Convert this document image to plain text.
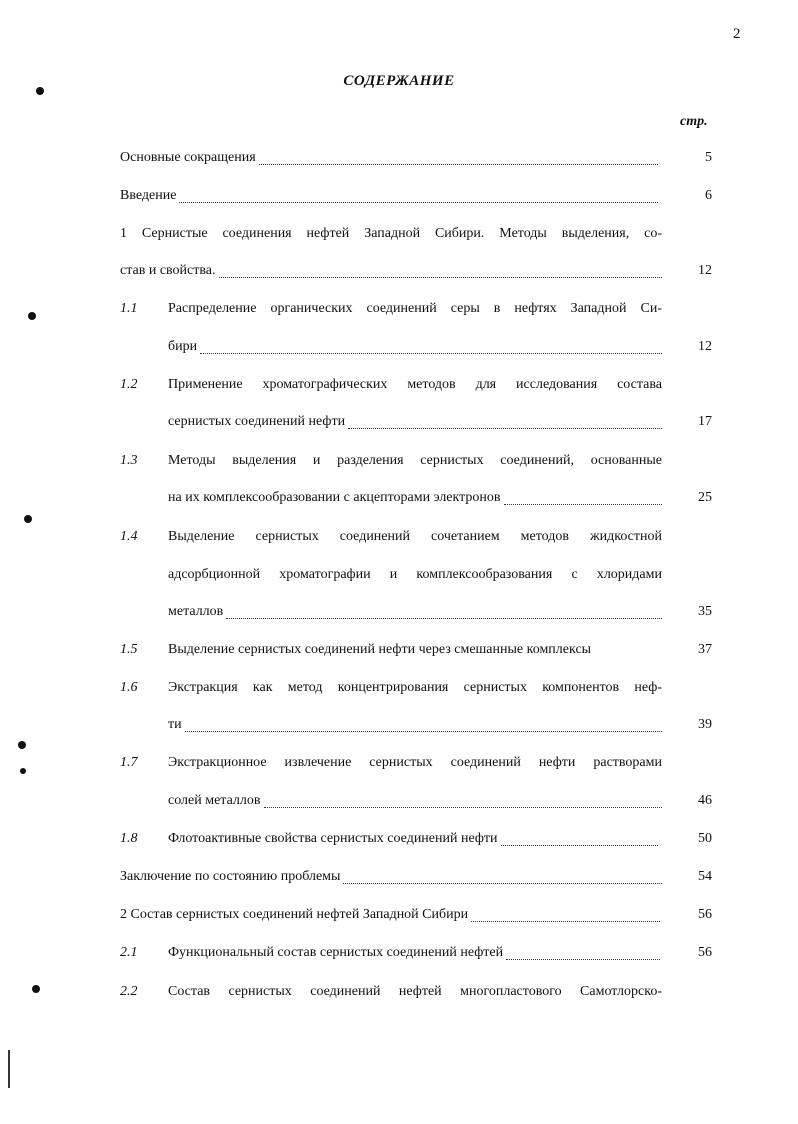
2
СОДЕРЖАНИЕ
стр.
Основные сокращения	5
Введение	6
1 Сернистые соединения нефтей Западной Сибири. Методы выделения, со-
став и свойства.	12
1.1 Распределение органических соединений серы в нефтях Западной Си-
бири	12
1.2 Применение хроматографических методов для исследования состава
сернистых соединений нефти	17
1.3 Методы выделения и разделения сернистых соединений, основанные
на их комплексообразовании с акцепторами электронов	25
1.4 Выделение сернистых соединений сочетанием методов жидкостной
адсорбционной хроматографии и комплексообразования с хлоридами
металлов	35
1.5 Выделение сернистых соединений нефти через смешанные комплексы	37
1.6 Экстракция как метод концентрирования сернистых компонентов неф-
ти	39
1.7 Экстракционное извлечение сернистых соединений нефти растворами
солей металлов	46
1.8 Флотоактивные свойства сернистых соединений нефти	50
Заключение по состоянию проблемы	54
2 Состав сернистых соединений нефтей Западной Сибири	56
2.1 Функциональный состав сернистых соединений нефтей	56
2.2 Состав сернистых соединений нефтей многопластового Самотлорско-
